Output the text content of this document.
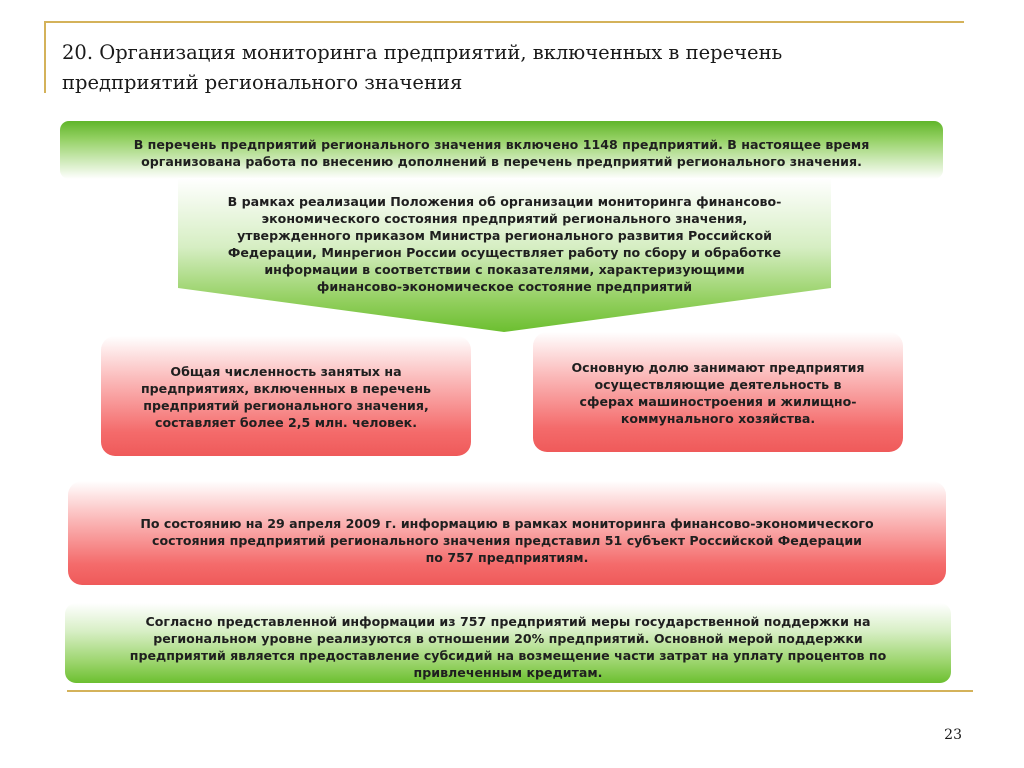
20. Организация мониторинга предприятий, включенных в перечень
предприятий регионального значения
В перечень предприятий регионального значения включено 1148 предприятий. В настоящее время
организована работа по внесению дополнений в перечень предприятий регионального значения.
В рамках реализации Положения об организации мониторинга финансово-
экономического состояния предприятий регионального значения,
утвержденного приказом Министра регионального развития Российской
Федерации, Минрегион России осуществляет работу по сбору и обработке
информации в соответствии с показателями, характеризующими
финансово-экономическое состояние предприятий
Общая численность занятых на
предприятиях, включенных в перечень
предприятий регионального значения,
составляет более 2,5 млн. человек.
Основную долю занимают предприятия
осуществляющие деятельность в
сферах машиностроения и жилищно-
коммунального хозяйства.
По состоянию на 29 апреля 2009 г. информацию в рамках мониторинга финансово-экономического
состояния предприятий регионального значения представил 51 субъект Российской Федерации
по 757 предприятиям.
Согласно представленной информации из 757 предприятий меры государственной поддержки на
региональном уровне реализуются в отношении 20% предприятий. Основной мерой поддержки
предприятий является предоставление субсидий на возмещение части затрат на уплату процентов по
привлеченным кредитам.
23
